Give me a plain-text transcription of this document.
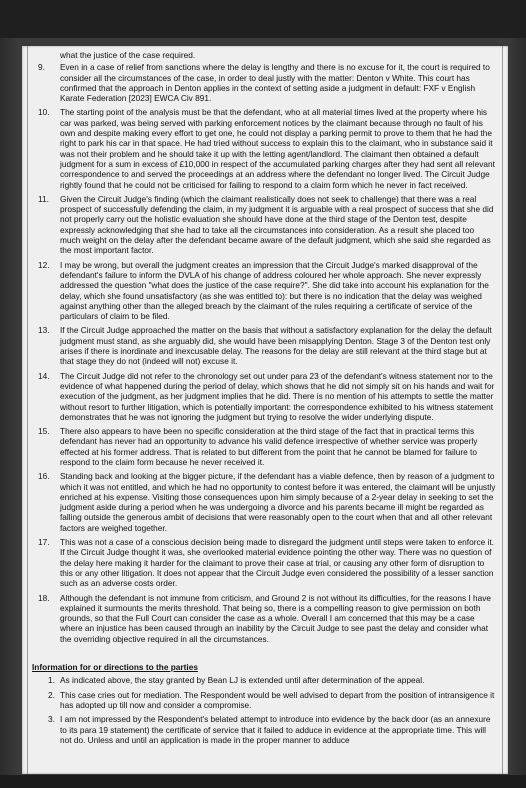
what the justice of the case required.
9. Even in a case of relief from sanctions where the delay is lengthy and there is no excuse for it, the court is required to consider all the circumstances of the case, in order to deal justly with the matter: Denton v White. This court has confirmed that the approach in Denton applies in the context of setting aside a judgment in default: FXF v English Karate Federation [2023] EWCA Civ 891.
10. The starting point of the analysis must be that the defendant, who at all material times lived at the property where his car was parked, was being served with parking enforcement notices by the claimant because through no fault of his own and despite making every effort to get one, he could not display a parking permit to prove to them that he had the right to park his car in that space. He had tried without success to explain this to the claimant, who in substance said it was not their problem and he should take it up with the letting agent/landlord. The claimant then obtained a default judgment for a sum in excess of £10,000 in respect of the accumulated parking charges after they had sent all relevant correspondence to and served the proceedings at an address where the defendant no longer lived. The Circuit Judge rightly found that he could not be criticised for failing to respond to a claim form which he never in fact received.
11. Given the Circuit Judge's finding (which the claimant realistically does not seek to challenge) that there was a real prospect of successfully defending the claim, in my judgment it is arguable with a real prospect of success that she did not properly carry out the holistic evaluation she should have done at the third stage of the Denton test, despite expressly acknowledging that she had to take all the circumstances into consideration. As a result she placed too much weight on the delay after the defendant became aware of the default judgment, which she said she regarded as the most important factor.
12. I may be wrong, but overall the judgment creates an impression that the Circuit Judge's marked disapproval of the defendant's failure to inform the DVLA of his change of address coloured her whole approach. She never expressly addressed the question "what does the justice of the case require?". She did take into account his explanation for the delay, which she found unsatisfactory (as she was entitled to): but there is no indication that the delay was weighed against anything other than the alleged breach by the claimant of the rules requiring a certificate of service of the particulars of claim to be filed.
13. If the Circuit Judge approached the matter on the basis that without a satisfactory explanation for the delay the default judgment must stand, as she arguably did, she would have been misapplying Denton. Stage 3 of the Denton test only arises if there is inordinate and inexcusable delay. The reasons for the delay are still relevant at the third stage but at that stage they do not (indeed will not) excuse it.
14. The Circuit Judge did not refer to the chronology set out under para 23 of the defendant's witness statement nor to the evidence of what happened during the period of delay, which shows that he did not simply sit on his hands and wait for execution of the judgment, as her judgment implies that he did. There is no mention of his attempts to settle the matter without resort to further litigation, which is potentially important: the correspondence exhibited to his witness statement demonstrates that he was not ignoring the judgment but trying to resolve the wider underlying dispute.
15. There also appears to have been no specific consideration at the third stage of the fact that in practical terms this defendant has never had an opportunity to advance his valid defence irrespective of whether service was properly effected at his former address. That is related to but different from the point that he cannot be blamed for failure to respond to the claim form because he never received it.
16. Standing back and looking at the bigger picture, if the defendant has a viable defence, then by reason of a judgment to which it was not entitled, and which he had no opportunity to contest before it was entered, the claimant will be unjustly enriched at his expense. Visiting those consequences upon him simply because of a 2-year delay in seeking to set the judgment aside during a period when he was undergoing a divorce and his parents became ill might be regarded as falling outside the generous ambit of decisions that were reasonably open to the court when that and all other relevant factors are weighed together.
17. This was not a case of a conscious decision being made to disregard the judgment until steps were taken to enforce it. If the Circuit Judge thought it was, she overlooked material evidence pointing the other way. There was no question of the delay here making it harder for the claimant to prove their case at trial, or causing any other form of disruption to this or any other litigation. It does not appear that the Circuit Judge even considered the possibility of a lesser sanction such as an adverse costs order.
18. Although the defendant is not immune from criticism, and Ground 2 is not without its difficulties, for the reasons I have explained it surmounts the merits threshold. That being so, there is a compelling reason to give permission on both grounds, so that the Full Court can consider the case as a whole. Overall I am concerned that this may be a case where an injustice has been caused through an inability by the Circuit Judge to see past the delay and consider what the overriding objective required in all the circumstances.
Information for or directions to the parties
1. As indicated above, the stay granted by Bean LJ is extended until after determination of the appeal.
2. This case cries out for mediation. The Respondent would be well advised to depart from the position of intransigence it has adopted up till now and consider a compromise.
3. I am not impressed by the Respondent's belated attempt to introduce into evidence by the back door (as an annexure to its para 19 statement) the certificate of service that it failed to adduce in evidence at the appropriate time. This will not do. Unless and until an application is made in the proper manner to adduce
